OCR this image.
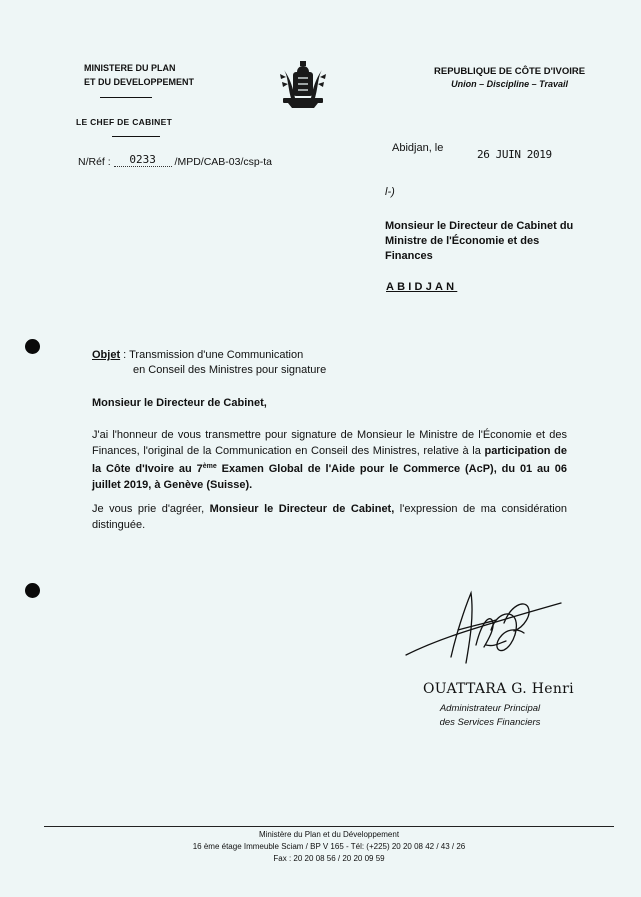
MINISTERE DU PLAN
ET DU DEVELOPPEMENT
LE CHEF DE CABINET
N/Réf : 0233 /MPD/CAB-03/csp-ta
REPUBLIQUE DE CÔTE D'IVOIRE
Union – Discipline – Travail
Abidjan, le	26 JUIN 2019
l-)
Monsieur le Directeur de Cabinet du Ministre de l'Économie et des Finances
ABIDJAN
Objet : Transmission d'une Communication
en Conseil des Ministres pour signature
Monsieur le Directeur de Cabinet,
J'ai l'honneur de vous transmettre pour signature de Monsieur le Ministre de l'Économie et des Finances, l'original de la Communication en Conseil des Ministres, relative à la participation de la Côte d'Ivoire au 7ème Examen Global de l'Aide pour le Commerce (AcP), du 01 au 06 juillet 2019, à Genève (Suisse).
Je vous prie d'agréer, Monsieur le Directeur de Cabinet, l'expression de ma considération distinguée.
OUATTARA G. Henri
Administrateur Principal
des Services Financiers
Ministère du Plan et du Développement
16 ème étage Immeuble Sciam / BP V 165 - Tél: (+225) 20 20 08 42 / 43 / 26
Fax : 20 20 08 56 / 20 20 09 59
